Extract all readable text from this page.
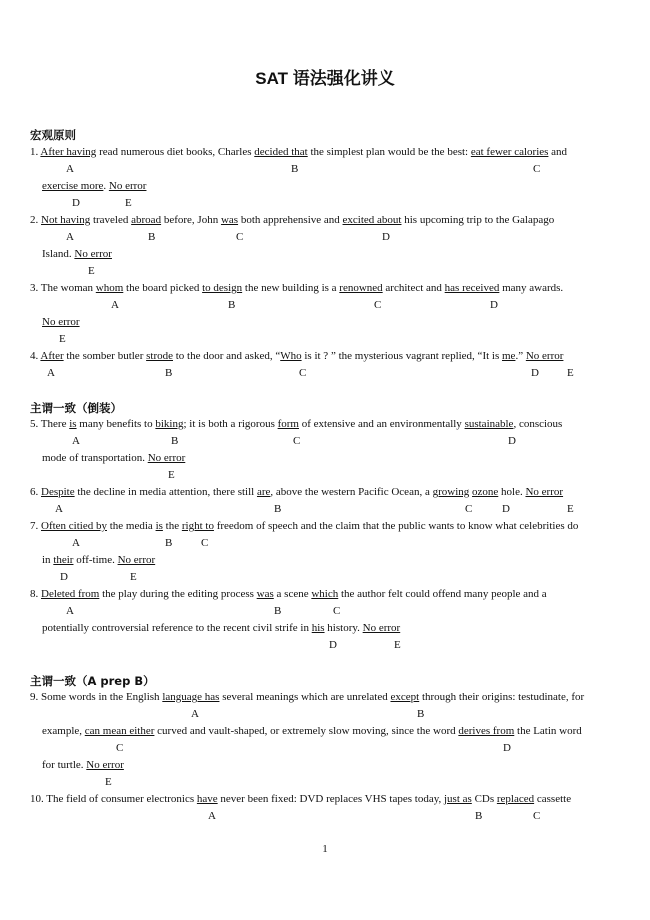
SAT 语法强化讲义
宏观原则
主谓一致（倒装）
主谓一致（A prep B）
1. After having read numerous diet books, Charles decided that the simplest plan would be the best: eat fewer calories and
exercise more. No error
2. Not having traveled abroad before, John was both apprehensive and excited about his upcoming trip to the Galapago
Island. No error
3. The woman whom the board picked to design the new building is a renowned architect and has received many awards.
No error
4. After the somber butler strode to the door and asked, “Who is it ? ” the mysterious vagrant replied, “It is me.” No error
5. There is many benefits to biking; it is both a rigorous form of extensive and an environmentally sustainable, conscious
mode of transportation. No error
6. Despite the decline in media attention, there still are, above the western Pacific Ocean, a growing ozone hole. No error
7. Often citied by the media is the right to freedom of speech and the claim that the public wants to know what celebrities do
in their off-time. No error
8. Deleted from the play during the editing process was a scene which the author felt could offend many people and a
potentially controversial reference to the recent civil strife in his history. No error
9. Some words in the English language has several meanings which are unrelated except through their origins: testudinate, for
example, can mean either curved and vault-shaped, or extremely slow moving, since the word derives from the Latin word
for turtle. No error
10. The field of consumer electronics have never been fixed: DVD replaces VHS tapes today, just as CDs replaced cassette
A	B	C
D	E
A	B	C	D
E
A	B	C	D
E
A	B	C	D	E
A	B	C	D
E
A	B	C	D	E
A	B	C
D	E
A	B	C
D	E
A	B
C	D
E
A	B	C
1
